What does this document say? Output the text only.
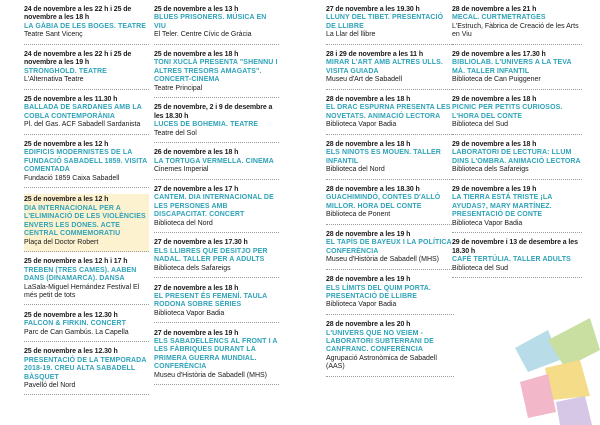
24 de novembre a les 22 h i 25 de novembre a les 18 h
LA GÀBIA DE LES BOGES. TEATRE
Teatre Sant Vicenç
24 de novembre a les 22 h i 25 de novembre a les 19 h
STRONGHOLD. TEATRE
L'Alternativa Teatre
25 de novembre a les 11.30 h
BALLADA DE SARDANES AMB LA COBLA CONTEMPORÀNIA
Pl. del Gas. ACF Sabadell Sardanista
25 de novembre a les 12 h
EDIFICIS MODERNISTES DE LA FUNDACIÓ SABADELL 1859. VISITA COMENTADA
Fundació 1859 Caixa Sabadell
25 de novembre a les 12 h
DIA INTERNACIONAL PER A L'ELIMINACIÓ DE LES VIOLÈNCIES ENVERS LES DONES. ACTE CENTRAL COMMEMORATIU
Plaça del Doctor Robert
25 de novembre a les 12 h i 17 h
TREBEN (TRES CAMES). AABEN DANS (DINAMARCA). DANSA
LaSala-Miguel Hernández Festival El més petit de tots
25 de novembre a les 12.30 h
FALCON & FIRKIN. CONCERT
Parc de Can Gambús. La Capella
25 de novembre a les 12.30 h
PRESENTACIÓ DE LA TEMPORADA 2018-19. CREU ALTA SABADELL BÀSQUET
Pavelló del Nord
25 de novembre a les 13 h
BLUES PRISONERS. MÚSICA EN VIU
El Teler. Centre Cívic de Gràcia
25 de novembre a les 18 h
TONI XUCLÀ PRESENTA "SHENNU I ALTRES TRESORS AMAGATS". CONCERT-CINEMA
Teatre Principal
25 de novembre, 2 i 9 de desembre a les 18.30 h
LUCES DE BOHEMIA. TEATRE
Teatre del Sol
26 de novembre a les 18 h
LA TORTUGA VERMELLA. CINEMA
Cinemes Imperial
27 de novembre a les 17 h
CANTEM. DIA INTERNACIONAL DE LES PERSONES AMB DISCAPACITAT. CONCERT
Biblioteca del Nord
27 de novembre a les 17.30 h
ELS LLIBRES QUE DESITJO PER NADAL. TALLER PER A ADULTS
Biblioteca dels Safareigs
27 de novembre a les 18 h
EL PRESENT ÉS FEMENÍ. TAULA RODONA SOBRE SÈRIES
Biblioteca Vapor Badia
27 de novembre a les 19 h
ELS SABADELLENCS AL FRONT I A LES FÀBRIQUES DURANT LA PRIMERA GUERRA MUNDIAL. CONFERÈNCIA
Museu d'Història de Sabadell (MHS)
27 de novembre a les 19.30 h
LLUNY DEL TIBET. PRESENTACIÓ DE LLIBRE
La Llar del llibre
28 i 29 de novembre a les 11 h
MIRAR L'ART AMB ALTRES ULLS. VISITA GUIADA
Museu d'Art de Sabadell
28 de novembre a les 18 h
EL DRAC ESPURNA PRESENTA LES NOVETATS. ANIMACIÓ LECTORA
Biblioteca Vapor Badia
28 de novembre a les 18 h
ELS NINOTS ES MOUEN. TALLER INFANTIL
Biblioteca del Nord
28 de novembre a les 18.30 h
GUACHIMINDÓ, CONTES D'ALLÒ MILLOR. HORA DEL CONTE
Biblioteca de Ponent
28 de novembre a les 19 h
EL TAPÍS DE BAYEUX I LA POLÍTICA. CONFERÈNCIA
Museu d'Història de Sabadell (MHS)
28 de novembre a les 19 h
ELS LÍMITS DEL QUIM PORTA. PRESENTACIÓ DE LLIBRE
Biblioteca Vapor Badia
28 de novembre a les 20 h
L'UNIVERS QUE NO VEIEM - LABORATORI SUBTERRANI DE CANFRANC. CONFERÈNCIA
Agrupació Astronòmica de Sabadell (AAS)
28 de novembre a les 21 h
MECAL. CURTMETRATGES
L'Estruch, Fàbrica de Creació de les Arts en Viu
29 de novembre a les 17.30 h
BIBLIOLAB. L'UNIVERS A LA TEVA MÀ. TALLER INFANTIL
Biblioteca de Can Puiggener
29 de novembre a les 18 h
PICNIC PER PETITS CURIOSOS. L'HORA DEL CONTE
Biblioteca del Sud
29 de novembre a les 18 h
LABORATORI DE LECTURA: LLUM DINS L'OMBRA. ANIMACIÓ LECTORA
Biblioteca dels Safareigs
29 de novembre a les 19 h
LA TIERRA ESTÁ TRISTE ¡LA AYUDAS?, MARY MARTÍNEZ. PRESENTACIÓ DE CONTE
Biblioteca Vapor Badia
29 de novembre i 13 de desembre a les 18.30 h
CAFÈ TERTÚLIA. TALLER ADULTS
Biblioteca del Sud
